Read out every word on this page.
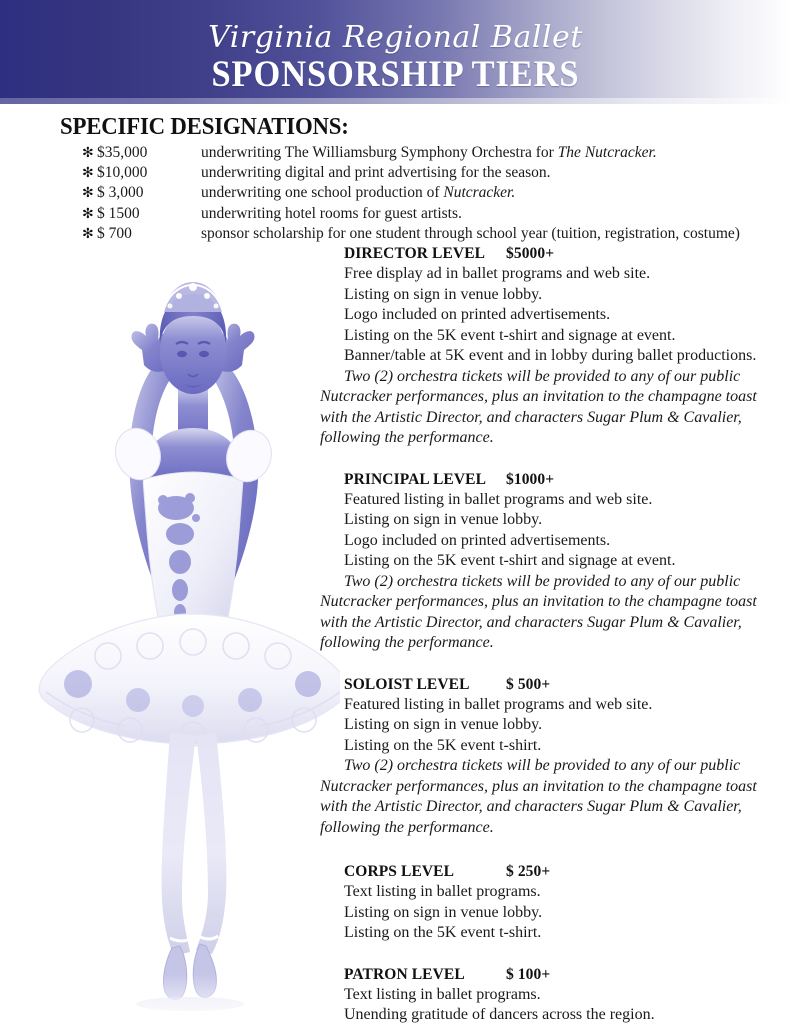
Virginia Regional Ballet
SPONSORSHIP TIERS
SPECIFIC DESIGNATIONS:
✻ $35,000	underwriting The Williamsburg Symphony Orchestra for The Nutcracker.
✻ $10,000	underwriting digital and print advertising for the season.
✻ $ 3,000	underwriting one school production of Nutcracker.
✻ $ 1500	underwriting hotel rooms for guest artists.
✻ $ 700	sponsor scholarship for one student through school year (tuition, registration, costume)
DIRECTOR LEVEL	$5000+
Free display ad in ballet programs and web site.
Listing on sign in venue lobby.
Logo included on printed advertisements.
Listing on the 5K event t-shirt and signage at event.
Banner/table at 5K event and in lobby during ballet productions.
Two (2) orchestra tickets will be provided to any of our public Nutcracker performances, plus an invitation to the champagne toast with the Artistic Director, and characters Sugar Plum & Cavalier, following the performance.
PRINCIPAL LEVEL	$1000+
Featured listing in ballet programs and web site.
Listing on sign in venue lobby.
Logo included on printed advertisements.
Listing on the 5K event t-shirt and signage at event.
Two (2) orchestra tickets will be provided to any of our public Nutcracker performances, plus an invitation to the champagne toast with the Artistic Director, and characters Sugar Plum & Cavalier, following the performance.
SOLOIST LEVEL	$ 500+
Featured listing in ballet programs and web site.
Listing on sign in venue lobby.
Listing on the 5K event t-shirt.
Two (2) orchestra tickets will be provided to any of our public Nutcracker performances, plus an invitation to the champagne toast with the Artistic Director, and characters Sugar Plum & Cavalier, following the performance.
CORPS LEVEL	$ 250+
Text listing in ballet programs.
Listing on sign in venue lobby.
Listing on the 5K event t-shirt.
PATRON LEVEL	$ 100+
Text listing in ballet programs.
Unending gratitude of dancers across the region.
